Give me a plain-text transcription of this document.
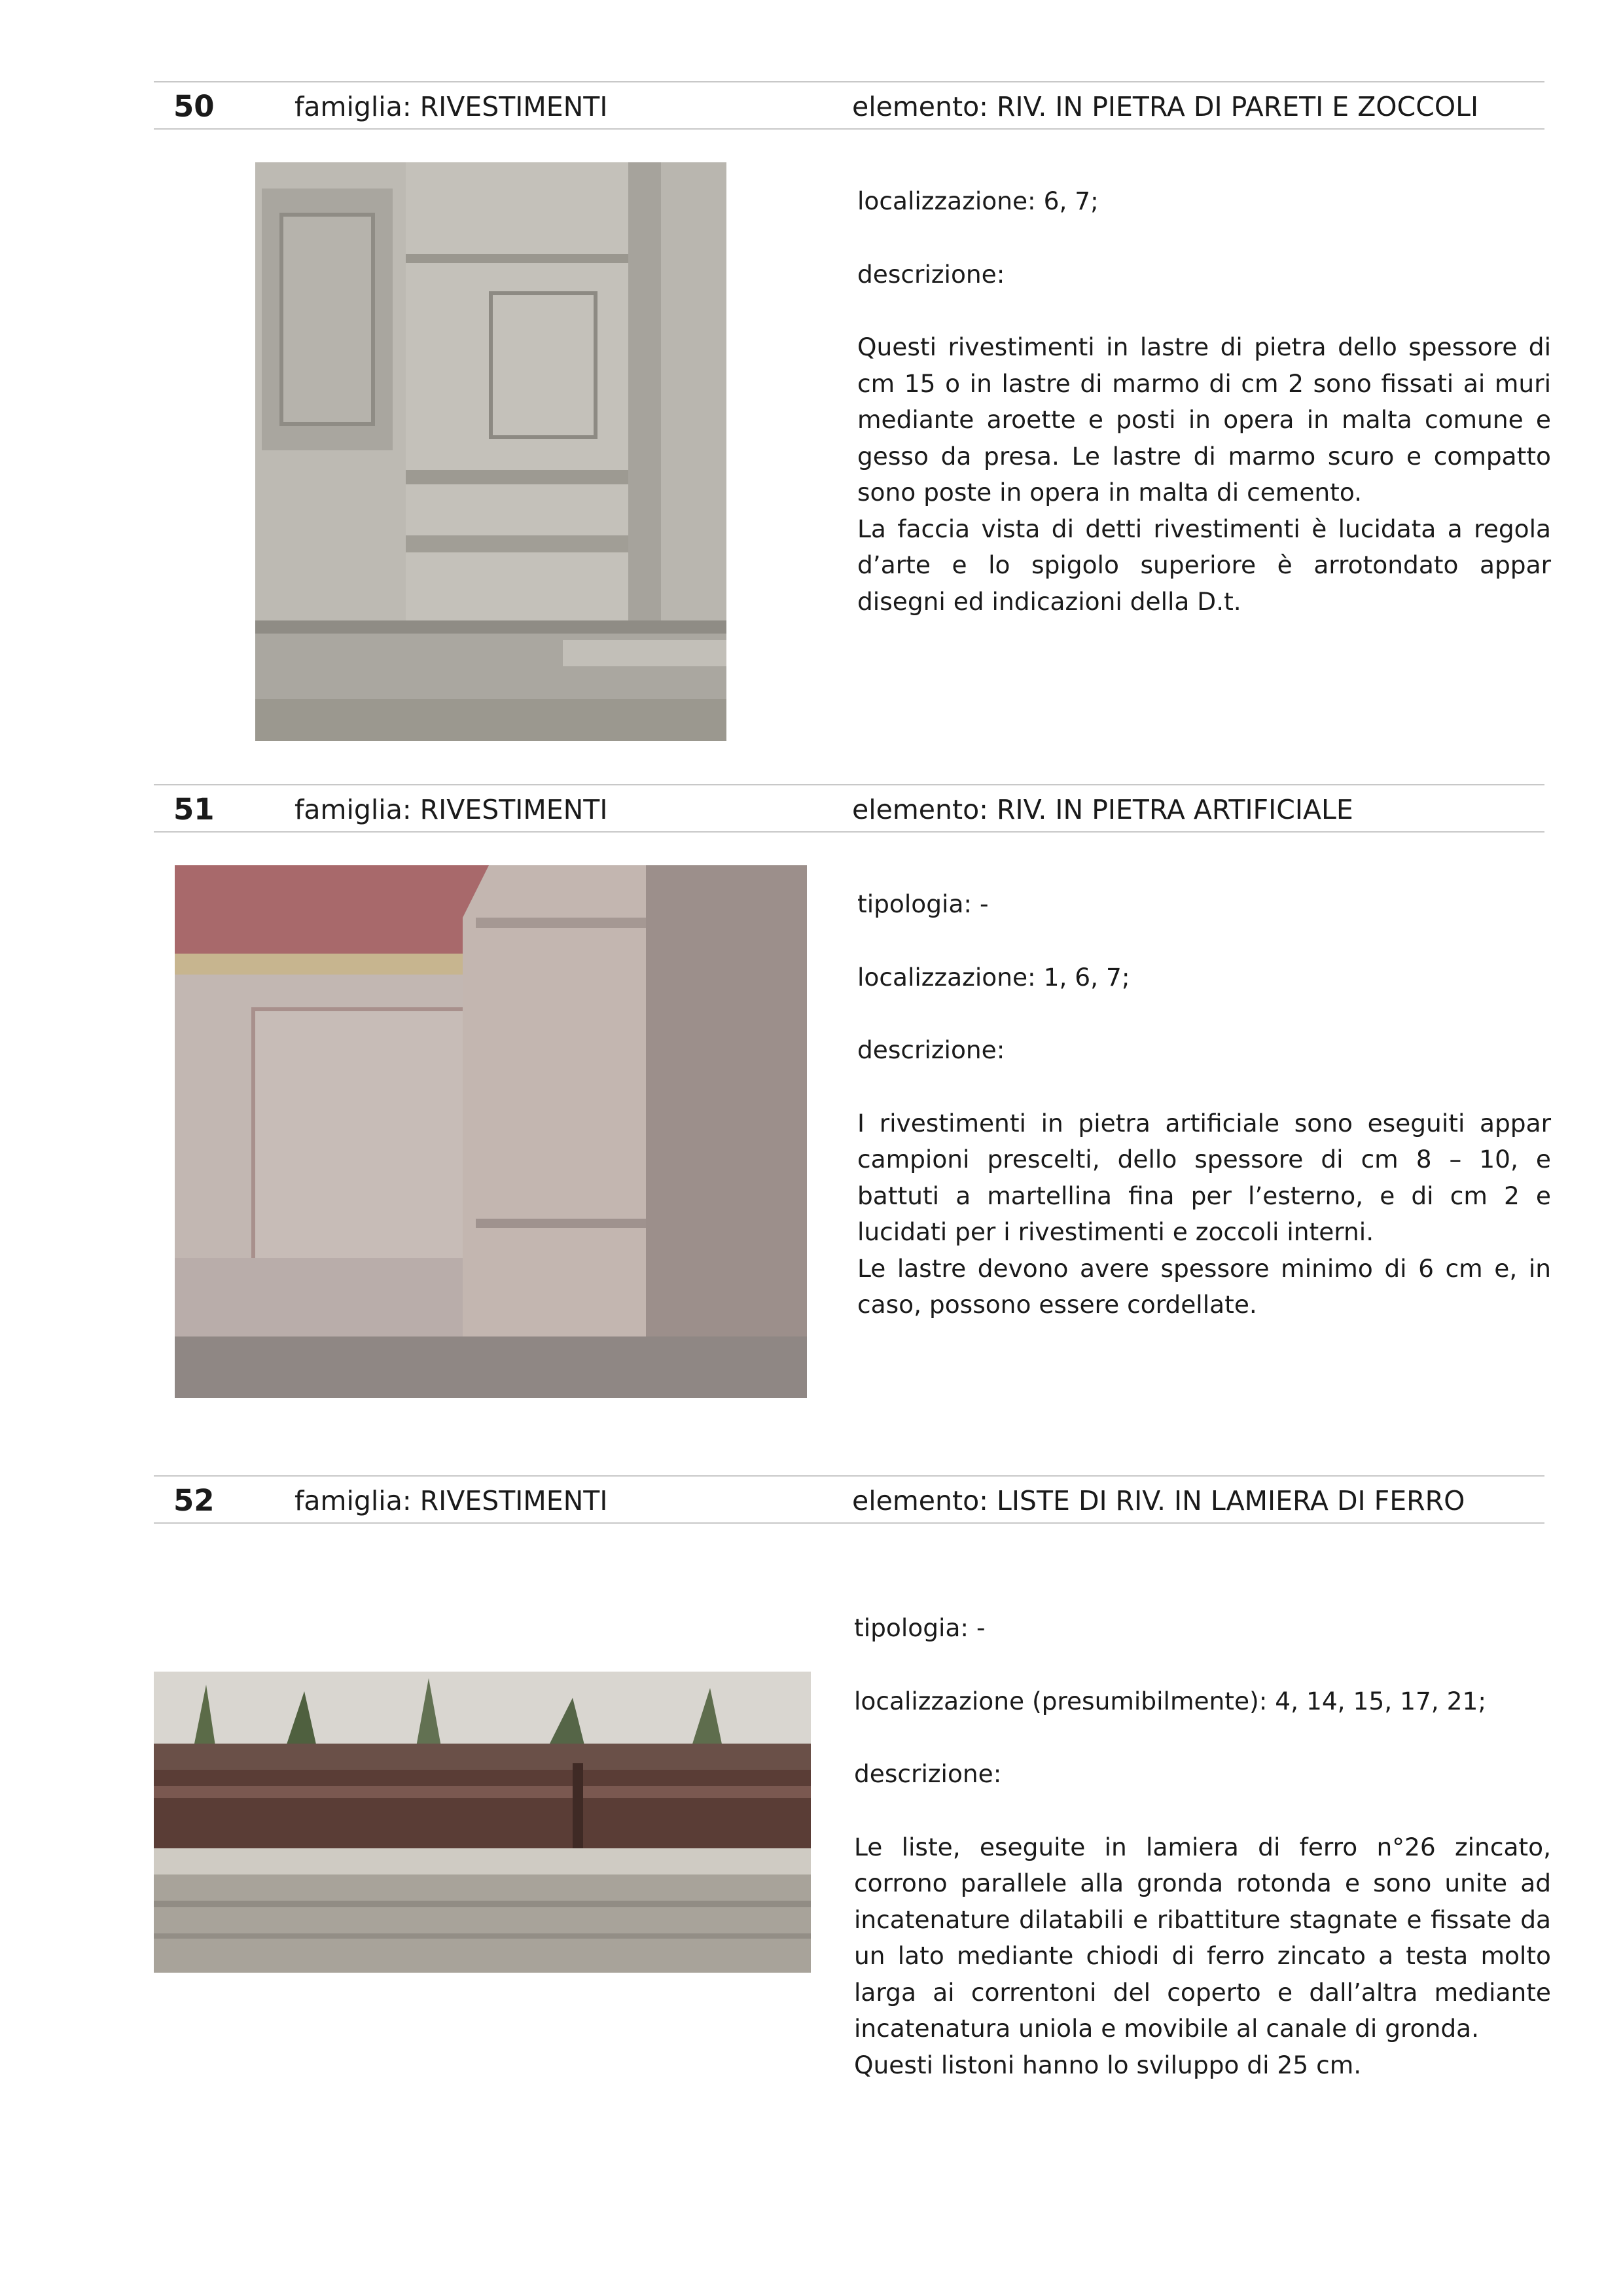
50	famiglia: RIVESTIMENTI	elemento: RIV. IN PIETRA DI PARETI E ZOCCOLI

localizzazione: 6, 7;

descrizione:

Questi rivestimenti in lastre di pietra dello spessore di cm 15 o in lastre di marmo di cm 2 sono fissati ai muri mediante aroette e posti in opera in malta comune e gesso da presa. Le lastre di marmo scuro e compatto sono poste in opera in malta di cemento.

La faccia vista di detti rivestimenti è lucidata a regola d’arte e lo spigolo superiore è arrotondato appar disegni ed indicazioni della D.t.

51	famiglia: RIVESTIMENTI	elemento: RIV. IN PIETRA ARTIFICIALE

tipologia: -

localizzazione: 1, 6, 7;

descrizione:

I rivestimenti in pietra artificiale sono eseguiti appar campioni prescelti, dello spessore di cm 8 – 10, e battuti a martellina fina per l’esterno, e di cm 2 e lucidati per i rivestimenti e zoccoli interni.

Le lastre devono avere spessore minimo di 6 cm e, in caso, possono essere cordellate.

52	famiglia: RIVESTIMENTI	elemento: LISTE DI RIV. IN LAMIERA DI FERRO

tipologia: -

localizzazione (presumibilmente): 4, 14, 15, 17, 21;

descrizione:

Le liste, eseguite in lamiera di ferro n°26 zincato, corrono parallele alla gronda rotonda e sono unite ad incatenature dilatabili e ribattiture stagnate e fissate da un lato mediante chiodi di ferro zincato a testa molto larga ai correntoni del coperto e dall’altra mediante incatenatura uniola e movibile al canale di gronda.

Questi listoni hanno lo sviluppo di 25 cm.
